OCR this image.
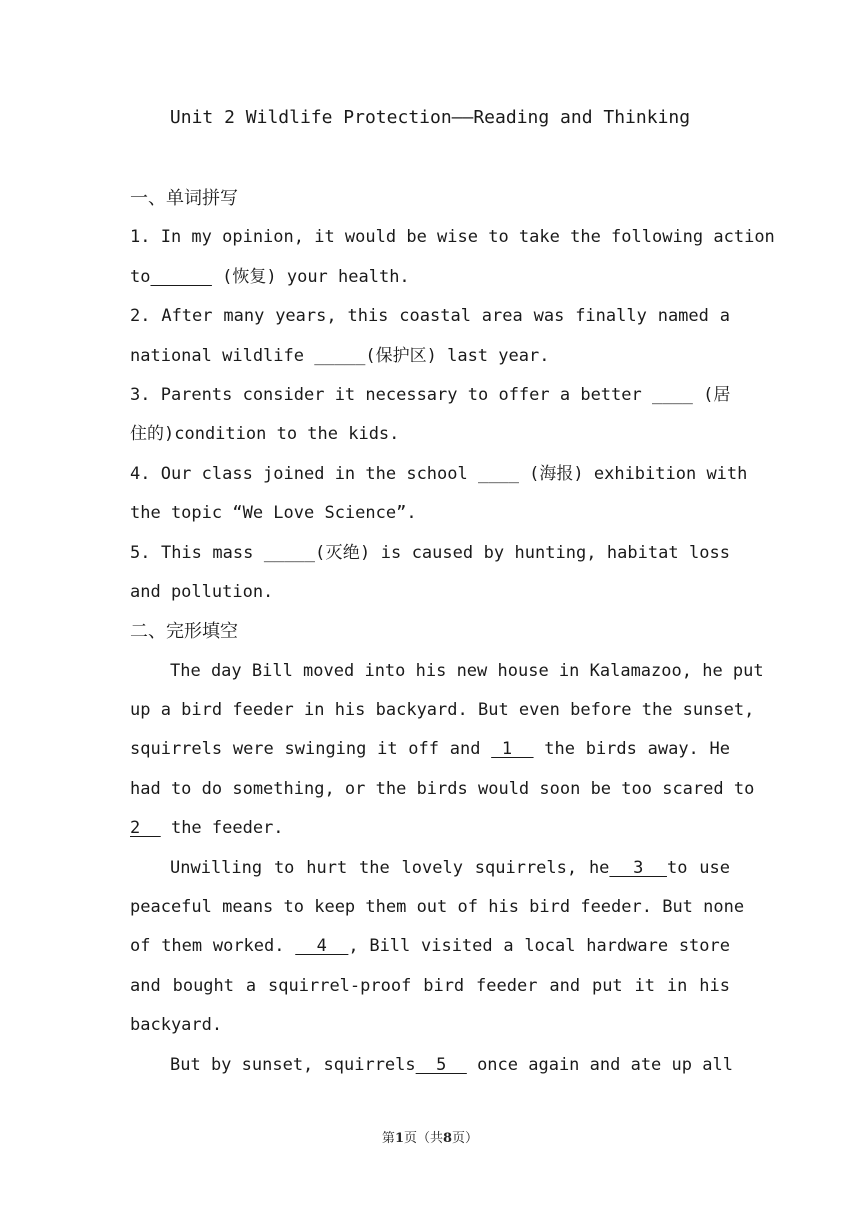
Unit 2 Wildlife Protection——Reading and Thinking
一、单词拼写
1. In my opinion, it would be wise to take the following action
to	(恢复) your health.
2. After many years, this coastal area was finally named a
national wildlife _____(保护区) last year.
3. Parents consider it necessary to offer a better ____ (居
住的)condition to the kids.
4. Our class joined in the school ____ (海报) exhibition with
the topic “We Love Science”.
5. This mass _____(灭绝) is caused by hunting, habitat loss
and pollution.
二、完形填空
The day Bill moved into his new house in Kalamazoo, he put
up a bird feeder in his backyard. But even before the sunset,
squirrels were swinging it off and  1   the birds away. He
had to do something, or the birds would soon be too scared to
2   the feeder.
Unwilling to hurt the lovely squirrels, he  3  to use
peaceful means to keep them out of his bird feeder. But none
of them worked.   4  , Bill visited a local hardware store
and bought a squirrel-proof bird feeder and put it in his
backyard.
But by sunset, squirrels  5   once again and ate up all
第1页（共8页）
